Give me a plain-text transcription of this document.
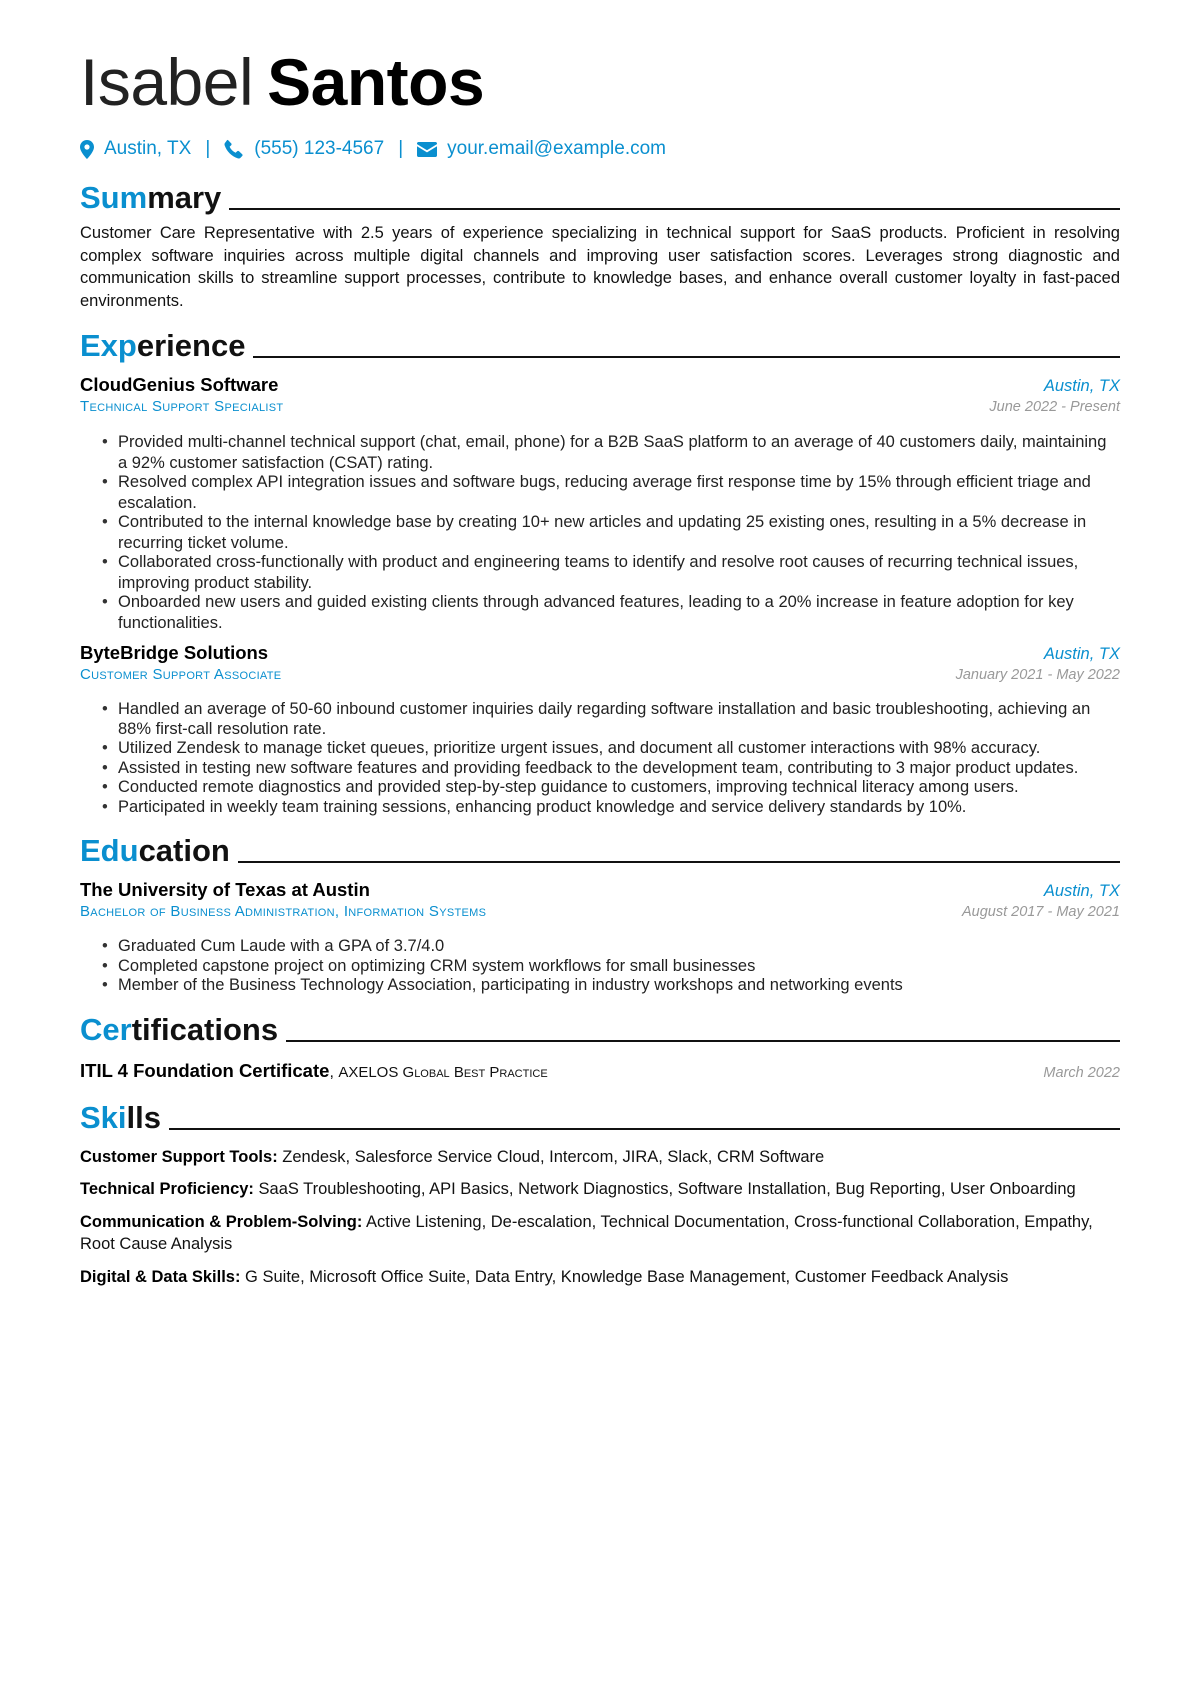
Isabel Santos
Austin, TX | (555) 123-4567 | your.email@example.com
Summary
Customer Care Representative with 2.5 years of experience specializing in technical support for SaaS products. Proficient in resolving complex software inquiries across multiple digital channels and improving user satisfaction scores. Leverages strong diagnostic and communication skills to streamline support processes, contribute to knowledge bases, and enhance overall customer loyalty in fast-paced environments.
Experience
CloudGenius Software	Austin, TX
Technical Support Specialist	June 2022 - Present
• Provided multi-channel technical support (chat, email, phone) for a B2B SaaS platform to an average of 40 customers daily, maintaining a 92% customer satisfaction (CSAT) rating.
• Resolved complex API integration issues and software bugs, reducing average first response time by 15% through efficient triage and escalation.
• Contributed to the internal knowledge base by creating 10+ new articles and updating 25 existing ones, resulting in a 5% decrease in recurring ticket volume.
• Collaborated cross-functionally with product and engineering teams to identify and resolve root causes of recurring technical issues, improving product stability.
• Onboarded new users and guided existing clients through advanced features, leading to a 20% increase in feature adoption for key functionalities.
ByteBridge Solutions	Austin, TX
Customer Support Associate	January 2021 - May 2022
• Handled an average of 50-60 inbound customer inquiries daily regarding software installation and basic troubleshooting, achieving an 88% first-call resolution rate.
• Utilized Zendesk to manage ticket queues, prioritize urgent issues, and document all customer interactions with 98% accuracy.
• Assisted in testing new software features and providing feedback to the development team, contributing to 3 major product updates.
• Conducted remote diagnostics and provided step-by-step guidance to customers, improving technical literacy among users.
• Participated in weekly team training sessions, enhancing product knowledge and service delivery standards by 10%.
Education
The University of Texas at Austin	Austin, TX
Bachelor of Business Administration, Information Systems	August 2017 - May 2021
• Graduated Cum Laude with a GPA of 3.7/4.0
• Completed capstone project on optimizing CRM system workflows for small businesses
• Member of the Business Technology Association, participating in industry workshops and networking events
Certifications
ITIL 4 Foundation Certificate, AXELOS Global Best Practice	March 2022
Skills
Customer Support Tools: Zendesk, Salesforce Service Cloud, Intercom, JIRA, Slack, CRM Software
Technical Proficiency: SaaS Troubleshooting, API Basics, Network Diagnostics, Software Installation, Bug Reporting, User Onboarding
Communication & Problem-Solving: Active Listening, De-escalation, Technical Documentation, Cross-functional Collaboration, Empathy, Root Cause Analysis
Digital & Data Skills: G Suite, Microsoft Office Suite, Data Entry, Knowledge Base Management, Customer Feedback Analysis
